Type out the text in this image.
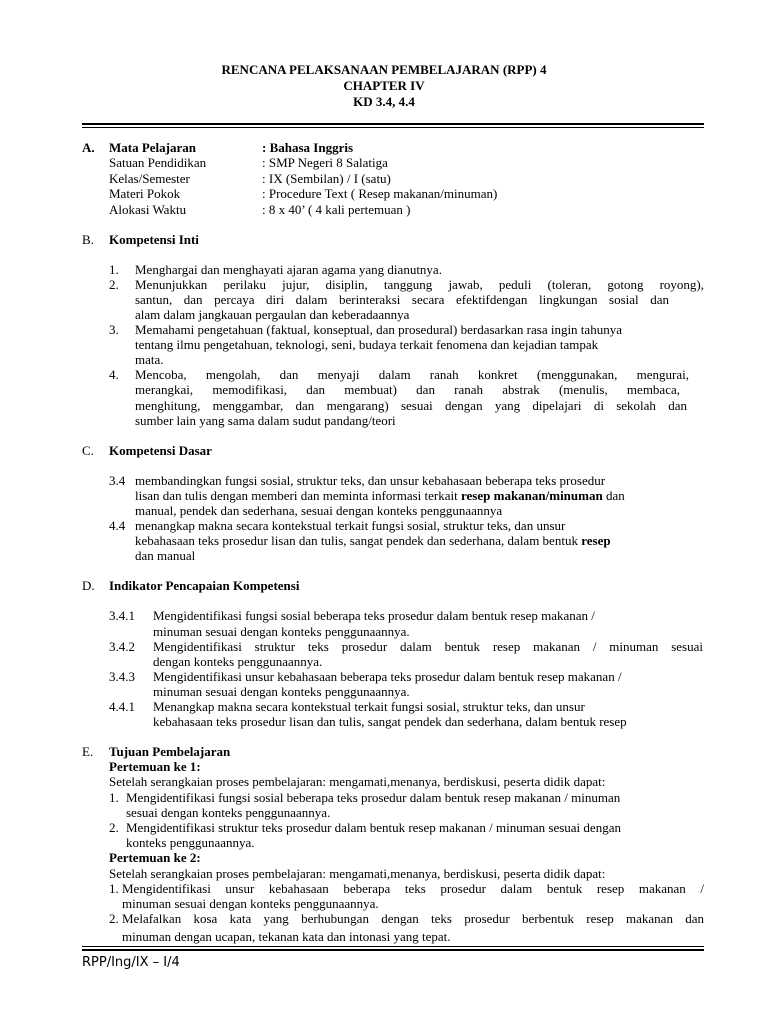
RENCANA PELAKSANAAN PEMBELAJARAN (RPP) 4
CHAPTER IV
KD 3.4, 4.4
A. Mata Pelajaran	: Bahasa Inggris
Satuan Pendidikan	: SMP Negeri 8 Salatiga
Kelas/Semester	: IX (Sembilan) / I (satu)
Materi Pokok	: Procedure Text ( Resep makanan/minuman)
Alokasi Waktu	: 8 x 40’ ( 4 kali pertemuan )
B. Kompetensi Inti
1. Menghargai dan menghayati ajaran agama yang dianutnya.
2. Menunjukkan perilaku jujur, disiplin, tanggung jawab, peduli (toleran, gotong royong),
santun, dan percaya diri dalam berinteraksi secara efektifdengan lingkungan sosial dan
alam dalam jangkauan pergaulan dan keberadaannya
3. Memahami pengetahuan (faktual, konseptual, dan prosedural) berdasarkan rasa ingin tahunya
tentang ilmu pengetahuan, teknologi, seni, budaya terkait fenomena dan kejadian tampak
mata.
4. Mencoba, mengolah, dan menyaji dalam ranah konkret (menggunakan, mengurai,
merangkai, memodifikasi, dan membuat) dan ranah abstrak (menulis, membaca,
menghitung, menggambar, dan mengarang) sesuai dengan yang dipelajari di sekolah dan
sumber lain yang sama dalam sudut pandang/teori
C. Kompetensi Dasar
3.4 membandingkan fungsi sosial, struktur teks, dan unsur kebahasaan beberapa teks prosedur
lisan dan tulis dengan memberi dan meminta informasi terkait resep makanan/minuman dan
manual, pendek dan sederhana, sesuai dengan konteks penggunaannya
4.4 menangkap makna secara kontekstual terkait fungsi sosial, struktur teks, dan unsur
kebahasaan teks prosedur lisan dan tulis, sangat pendek dan sederhana, dalam bentuk resep
dan manual
D. Indikator Pencapaian Kompetensi
3.4.1 Mengidentifikasi fungsi sosial beberapa teks prosedur dalam bentuk resep makanan /
minuman sesuai dengan konteks penggunaannya.
3.4.2 Mengidentifikasi struktur teks prosedur dalam bentuk resep makanan / minuman sesuai
dengan konteks penggunaannya.
3.4.3 Mengidentifikasi unsur kebahasaan beberapa teks prosedur dalam bentuk resep makanan /
minuman sesuai dengan konteks penggunaannya.
4.4.1 Menangkap makna secara kontekstual terkait fungsi sosial, struktur teks, dan unsur
kebahasaan teks prosedur lisan dan tulis, sangat pendek dan sederhana, dalam bentuk resep
E. Tujuan Pembelajaran
Pertemuan ke 1:
Setelah serangkaian proses pembelajaran: mengamati,menanya, berdiskusi, peserta didik dapat:
1. Mengidentifikasi fungsi sosial beberapa teks prosedur dalam bentuk resep makanan / minuman
sesuai dengan konteks penggunaannya.
2. Mengidentifikasi struktur teks prosedur dalam bentuk resep makanan / minuman sesuai dengan
konteks penggunaannya.
Pertemuan ke 2:
Setelah serangkaian proses pembelajaran: mengamati,menanya, berdiskusi, peserta didik dapat:
1. Mengidentifikasi unsur kebahasaan beberapa teks prosedur dalam bentuk resep makanan /
minuman sesuai dengan konteks penggunaannya.
2. Melafalkan kosa kata yang berhubungan dengan teks prosedur berbentuk resep makanan dan
minuman dengan ucapan, tekanan kata dan intonasi yang tepat.
RPP/Ing/IX – I/4
